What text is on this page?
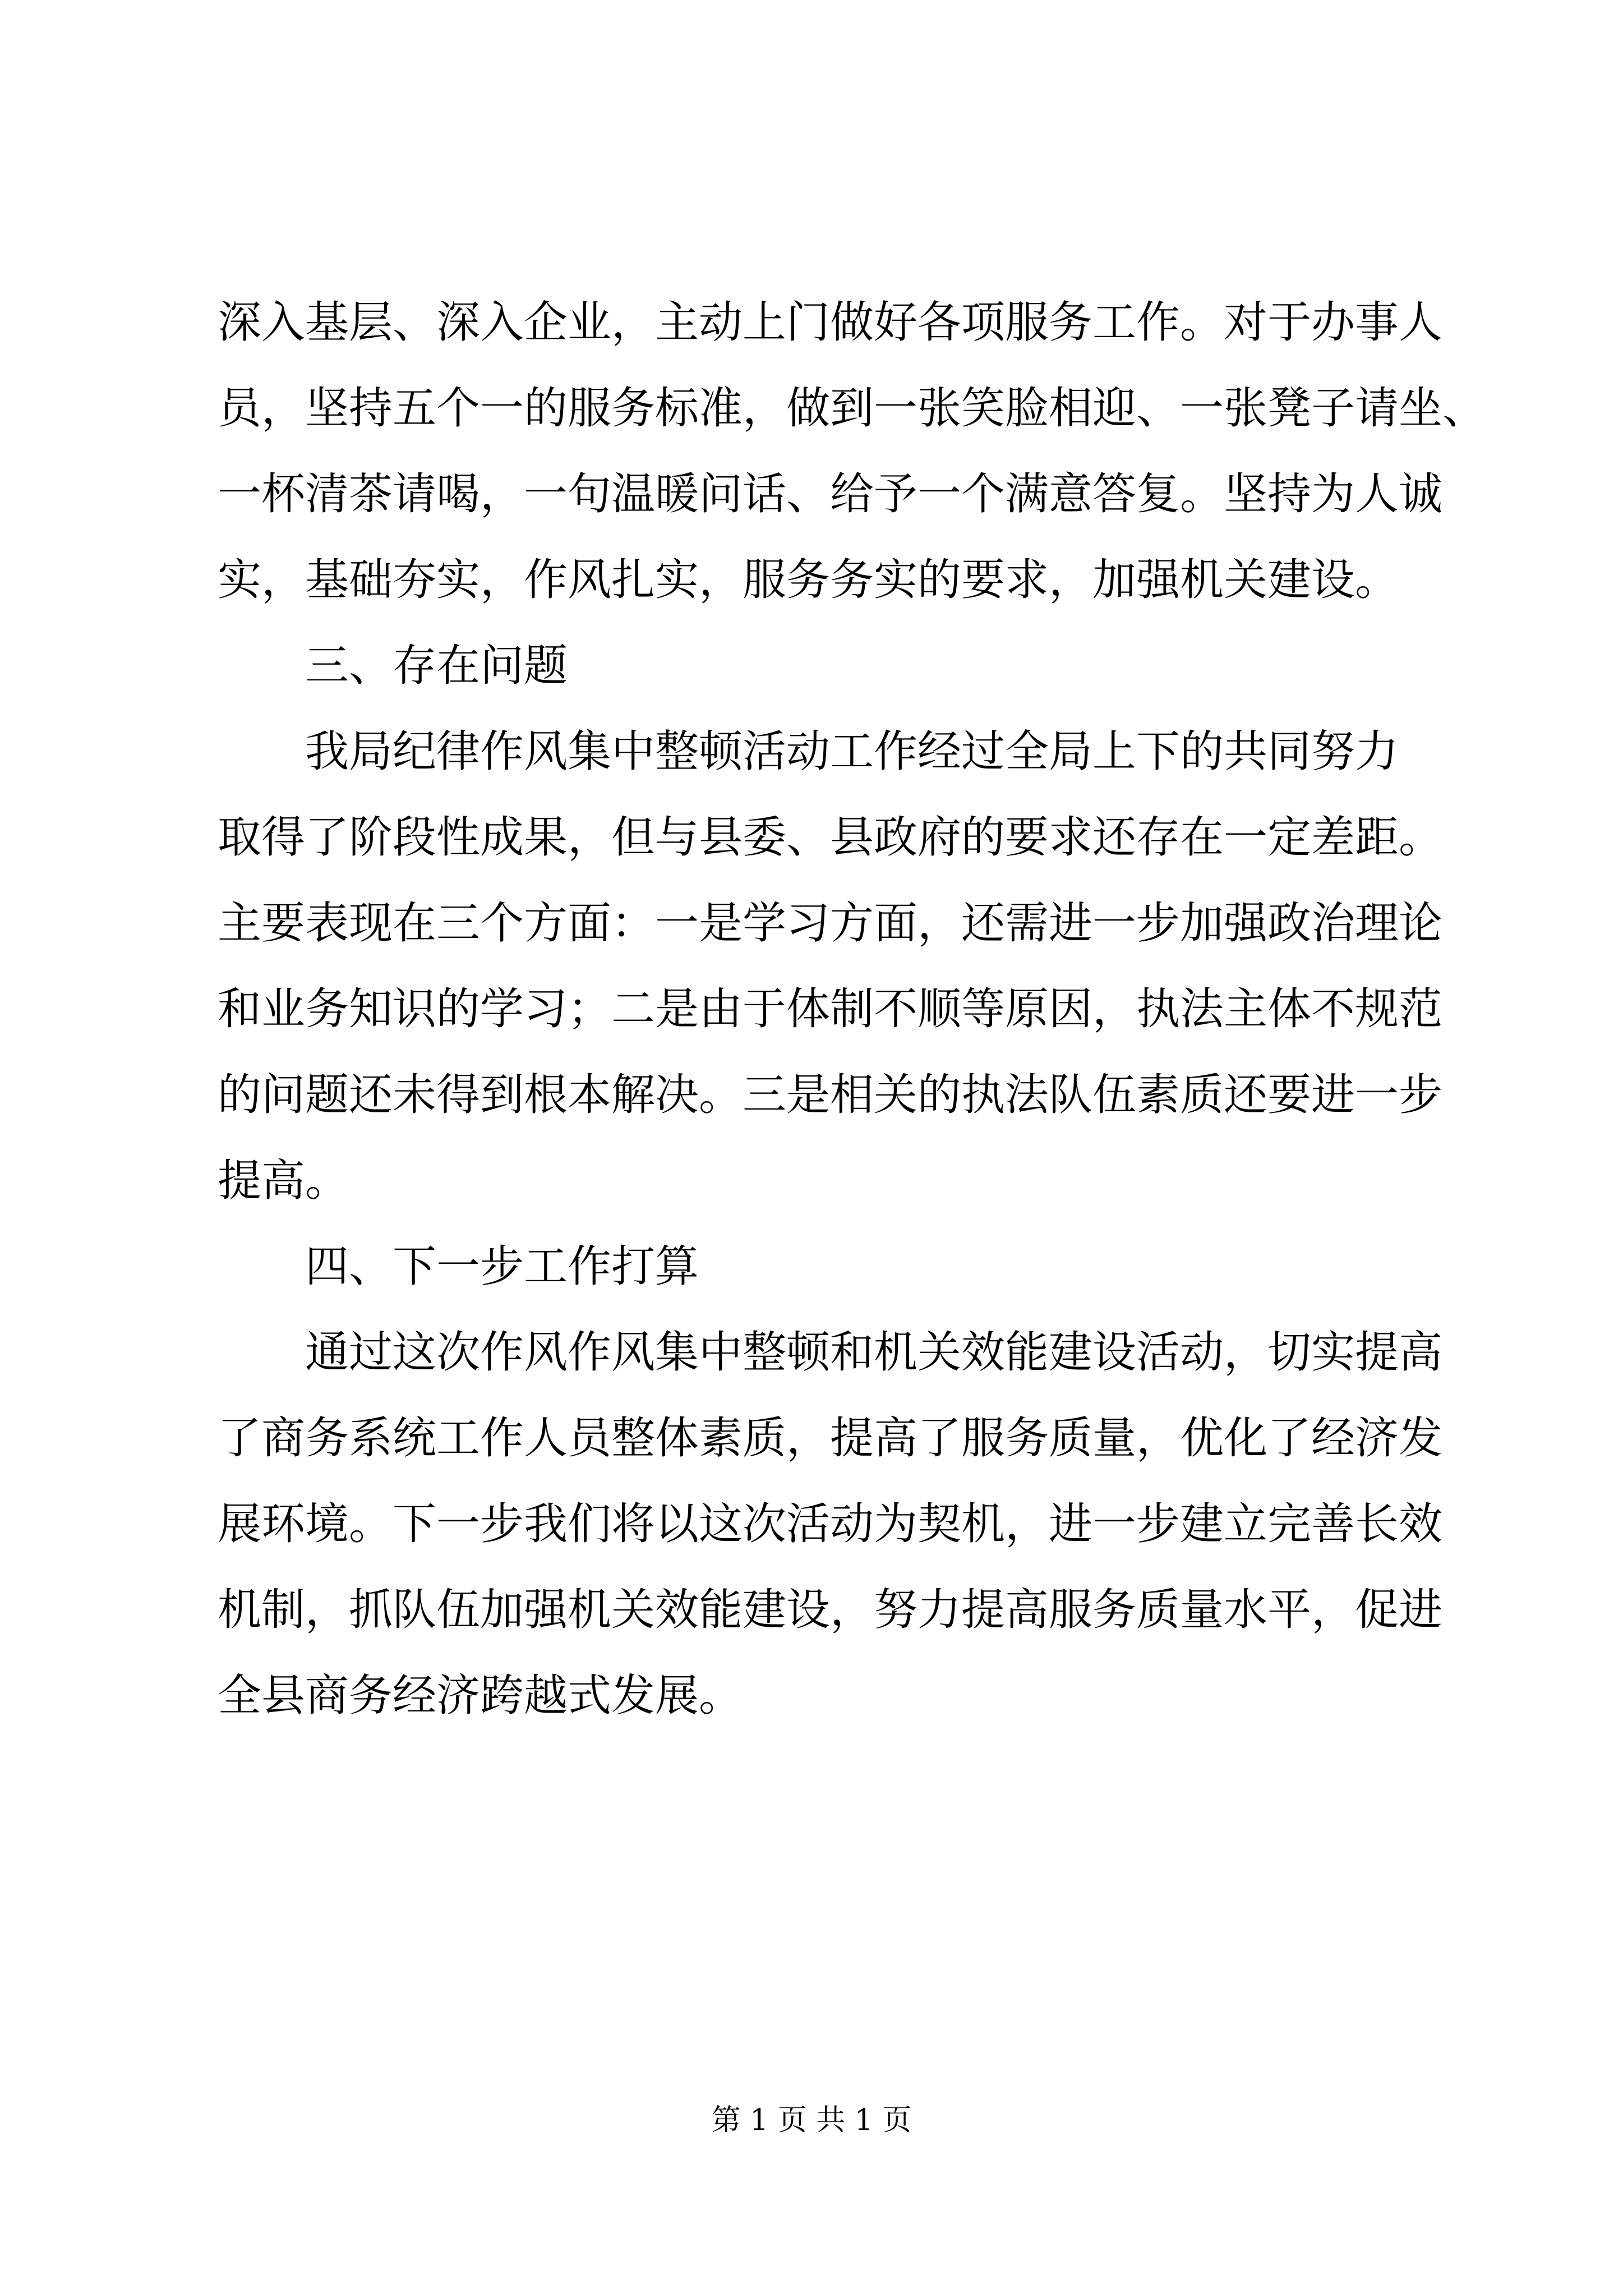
深入基层、深入企业，主动上门做好各项服务工作。对于办事人
员，坚持五个一的服务标准，做到一张笑脸相迎、一张凳子请坐、
一杯清茶请喝，一句温暖问话、给予一个满意答复。坚持为人诚
实，基础夯实，作风扎实，服务务实的要求，加强机关建设。
三、存在问题
我局纪律作风集中整顿活动工作经过全局上下的共同努力
取得了阶段性成果，但与县委、县政府的要求还存在一定差距。
主要表现在三个方面：一是学习方面，还需进一步加强政治理论
和业务知识的学习；二是由于体制不顺等原因，执法主体不规范
的问题还未得到根本解决。三是相关的执法队伍素质还要进一步
提高。
四、下一步工作打算
通过这次作风作风集中整顿和机关效能建设活动，切实提高
了商务系统工作人员整体素质，提高了服务质量，优化了经济发
展环境。下一步我们将以这次活动为契机，进一步建立完善长效
机制，抓队伍加强机关效能建设，努力提高服务质量水平，促进
全县商务经济跨越式发展。
第 1 页 共 1 页
